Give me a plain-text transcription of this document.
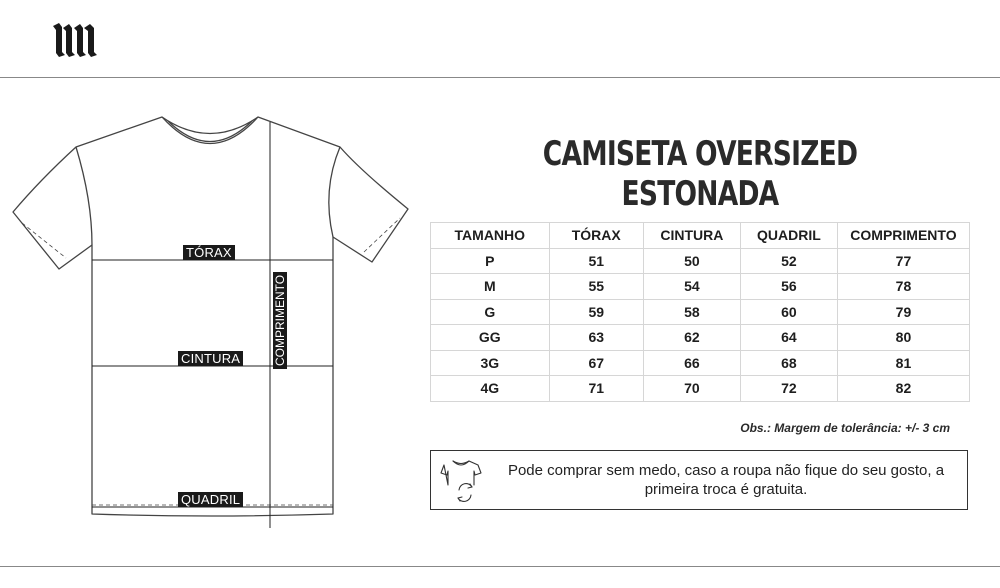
TÓRAX
CINTURA
QUADRIL
COMPRIMENTO
CAMISETA OVERSIZED ESTONADA
TAMANHO	TÓRAX	CINTURA	QUADRIL	COMPRIMENTO
P	51	50	52	77
M	55	54	56	78
G	59	58	60	79
GG	63	62	64	80
3G	67	66	68	81
4G	71	70	72	82
Obs.: Margem de tolerância: +/- 3 cm
Pode comprar sem medo, caso a roupa não fique do seu gosto, a
primeira troca é gratuita.
